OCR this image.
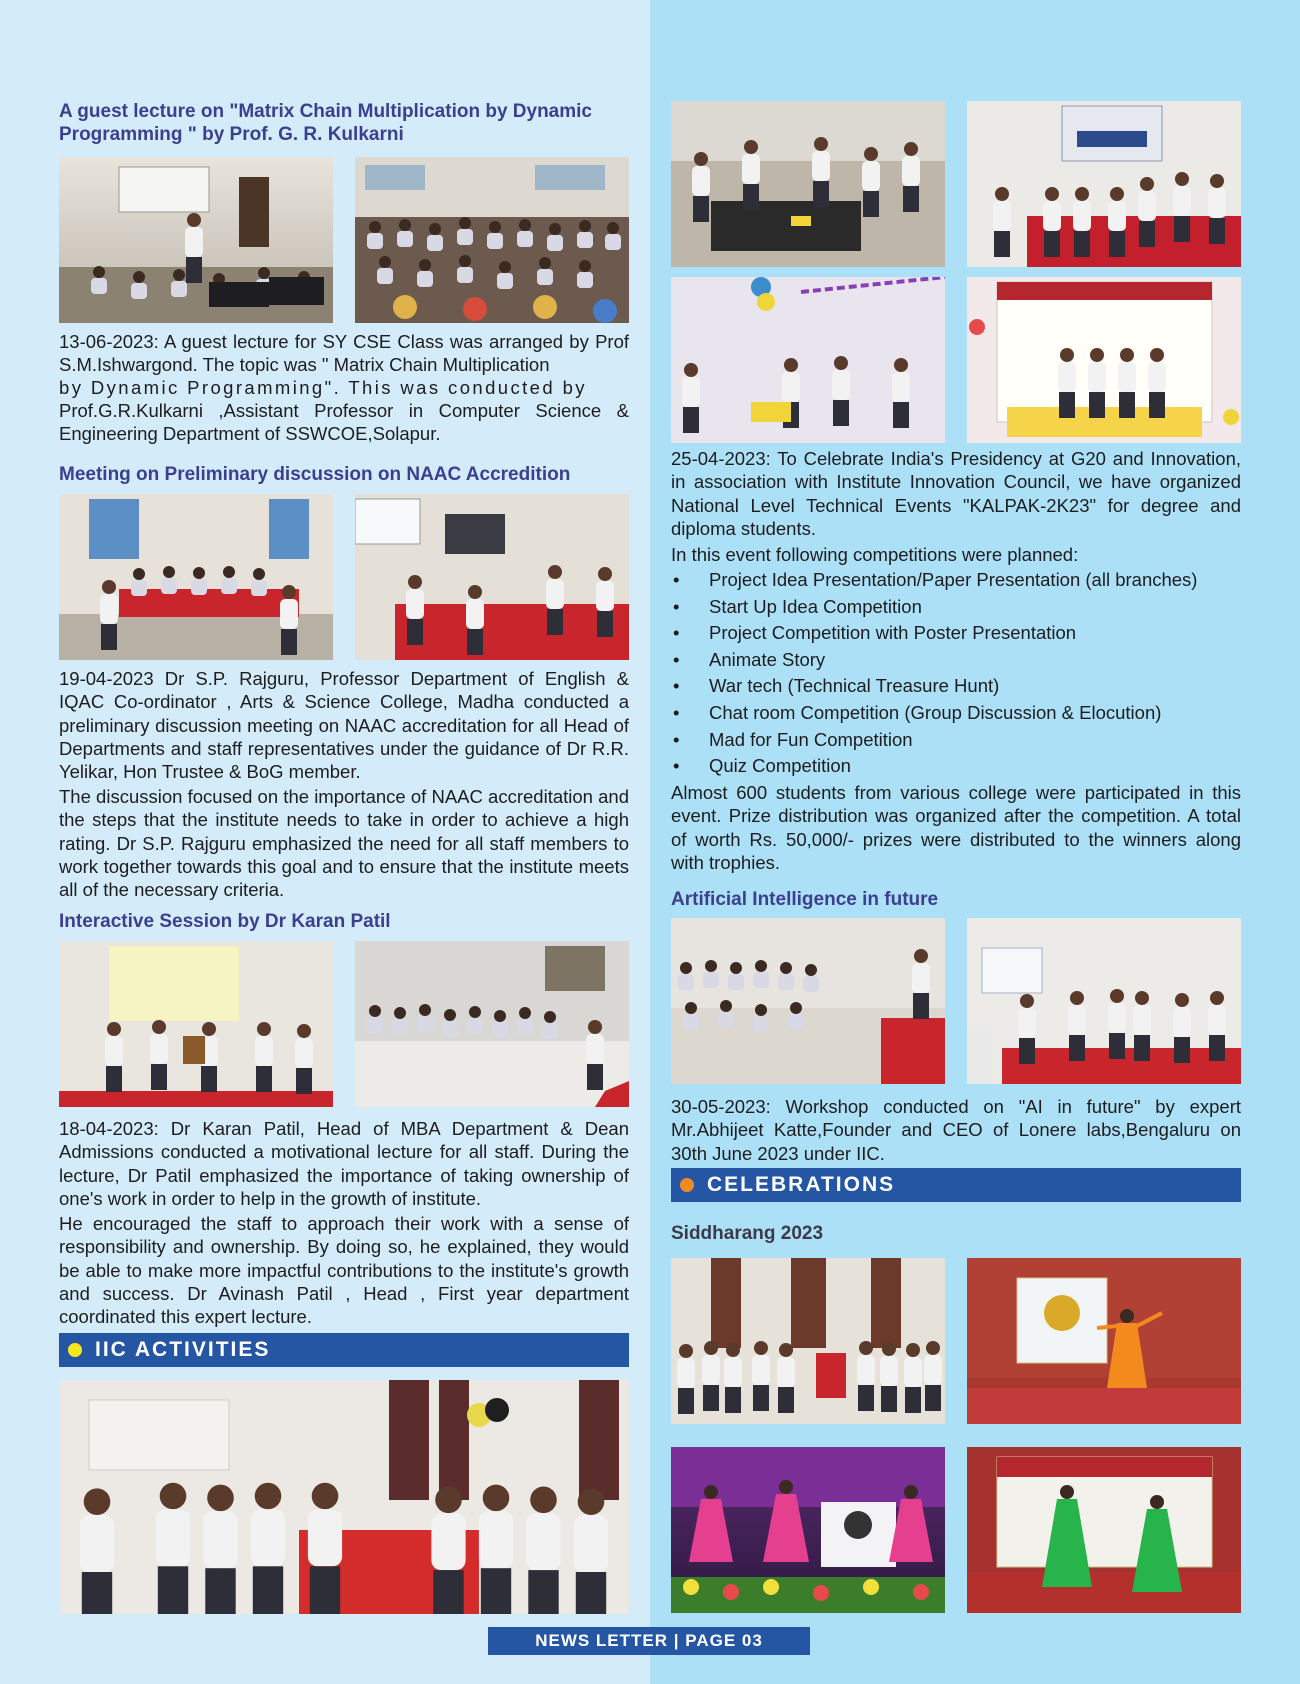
A guest lecture on "Matrix Chain Multiplication by Dynamic Programming " by Prof. G. R. Kulkarni

13-06-2023: A guest lecture for SY CSE Class was arranged by Prof S.M.Ishwargond. The topic was " Matrix Chain Multiplication

by Dynamic Programming". This was conducted by

Prof.G.R.Kulkarni ,Assistant Professor in Computer Science & Engineering Department of SSWCOE,Solapur.

Meeting on Preliminary discussion on NAAC Accredition

19-04-2023 Dr S.P. Rajguru, Professor Department of English & IQAC Co-ordinator , Arts & Science College, Madha conducted a preliminary discussion meeting on NAAC accreditation for all Head of Departments and staff representatives under the guidance of Dr R.R. Yelikar, Hon Trustee & BoG member.

The discussion focused on the importance of NAAC accreditation and the steps that the institute needs to take in order to achieve a high rating. Dr S.P. Rajguru emphasized the need for all staff members to work together towards this goal and to ensure that the institute meets all of the necessary criteria.

Interactive Session by Dr Karan Patil

18-04-2023: Dr Karan Patil, Head of MBA Department & Dean Admissions conducted a motivational lecture for all staff. During the lecture, Dr Patil emphasized the importance of taking ownership of one's work in order to help in the growth of institute.

He encouraged the staff to approach their work with a sense of responsibility and ownership. By doing so, he explained, they would be able to make more impactful contributions to the institute's growth and success. Dr Avinash Patil , Head , First year department coordinated this expert lecture.

IIC ACTIVITIES

25-04-2023: To Celebrate India's Presidency at G20 and Innovation, in association with Institute Innovation Council, we have organized National Level Technical Events "KALPAK-2K23" for degree and diploma students.

In this event following competitions were planned:

• Project Idea Presentation/Paper Presentation (all branches)
• Start Up Idea Competition
• Project Competition with Poster Presentation
• Animate Story
• War tech (Technical Treasure Hunt)
• Chat room Competition (Group Discussion & Elocution)
• Mad for Fun Competition
• Quiz Competition

Almost 600 students from various college were participated in this event. Prize distribution was organized after the competition. A total of worth Rs. 50,000/- prizes were distributed to the winners along with trophies.

Artificial Intelligence in future

30-05-2023: Workshop conducted on "AI in future" by expert Mr.Abhijeet Katte,Founder and CEO of Lonere labs,Bengaluru on 30th June 2023 under IIC.

CELEBRATIONS
Siddharang 2023
NEWS LETTER | PAGE 03
